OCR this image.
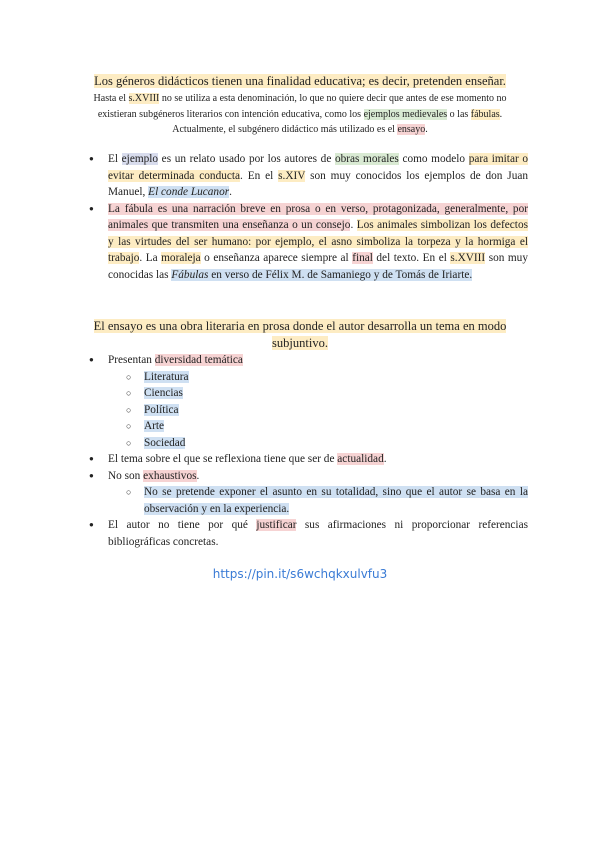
Los géneros didácticos tienen una finalidad educativa; es decir, pretenden enseñar.
Hasta el s.XVIII no se utiliza a esta denominación, lo que no quiere decir que antes de ese momento no existieran subgéneros literarios con intención educativa, como los ejemplos medievales o las fábulas. Actualmente, el subgénero didáctico más utilizado es el ensayo.
● El ejemplo es un relato usado por los autores de obras morales como modelo para imitar o evitar determinada conducta. En el s.XIV son muy conocidos los ejemplos de don Juan Manuel, El conde Lucanor.
● La fábula es una narración breve en prosa o en verso, protagonizada, generalmente, por animales que transmiten una enseñanza o un consejo. Los animales simbolizan los defectos y las virtudes del ser humano: por ejemplo, el asno simboliza la torpeza y la hormiga el trabajo. La moraleja o enseñanza aparece siempre al final del texto. En el s.XVIII son muy conocidas las Fábulas en verso de Félix M. de Samaniego y de Tomás de Iriarte.
El ensayo es una obra literaria en prosa donde el autor desarrolla un tema en modo subjuntivo.
● Presentan diversidad temática
○ Literatura
○ Ciencias
○ Política
○ Arte
○ Sociedad
● El tema sobre el que se reflexiona tiene que ser de actualidad.
● No son exhaustivos.
○ No se pretende exponer el asunto en su totalidad, sino que el autor se basa en la observación y en la experiencia.
● El autor no tiene por qué justificar sus afirmaciones ni proporcionar referencias bibliográficas concretas.
https://pin.it/s6wchqkxulvfu3
